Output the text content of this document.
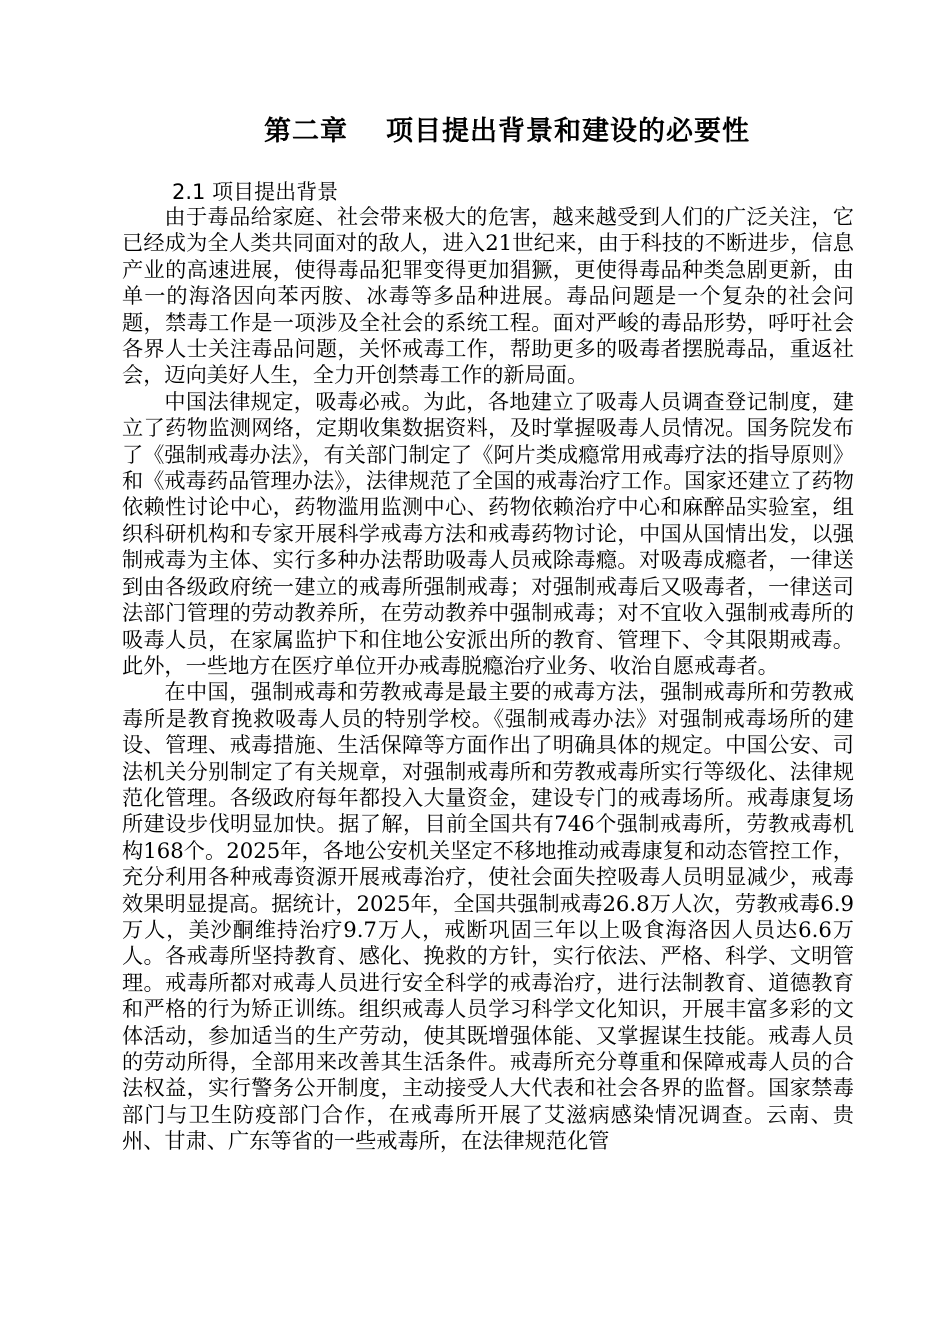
第二章 项目提出背景和建设的必要性
2.1 项目提出背景

由于毒品给家庭、社会带来极大的危害，越来越受到人们的广泛关注，它已经成为全人类共同面对的敌人，进入21世纪来，由于科技的不断进步，信息产业的高速进展，使得毒品犯罪变得更加猖獗，更使得毒品种类急剧更新，由单一的海洛因向苯丙胺、冰毒等多品种进展。毒品问题是一个复杂的社会问题，禁毒工作是一项涉及全社会的系统工程。面对严峻的毒品形势，呼吁社会各界人士关注毒品问题，关怀戒毒工作，帮助更多的吸毒者摆脱毒品，重返社会，迈向美好人生，全力开创禁毒工作的新局面。

中国法律规定，吸毒必戒。为此，各地建立了吸毒人员调查登记制度，建立了药物监测网络，定期收集数据资料，及时掌握吸毒人员情况。国务院发布了《强制戒毒办法》，有关部门制定了《阿片类成瘾常用戒毒疗法的指导原则》和《戒毒药品管理办法》，法律规范了全国的戒毒治疗工作。国家还建立了药物依赖性讨论中心，药物滥用监测中心、药物依赖治疗中心和麻醉品实验室，组织科研机构和专家开展科学戒毒方法和戒毒药物讨论，中国从国情出发，以强制戒毒为主体、实行多种办法帮助吸毒人员戒除毒瘾。对吸毒成瘾者，一律送到由各级政府统一建立的戒毒所强制戒毒；对强制戒毒后又吸毒者，一律送司法部门管理的劳动教养所，在劳动教养中强制戒毒；对不宜收入强制戒毒所的吸毒人员，在家属监护下和住地公安派出所的教育、管理下、令其限期戒毒。此外，一些地方在医疗单位开办戒毒脱瘾治疗业务、收治自愿戒毒者。

在中国，强制戒毒和劳教戒毒是最主要的戒毒方法，强制戒毒所和劳教戒毒所是教育挽救吸毒人员的特别学校。《强制戒毒办法》对强制戒毒场所的建设、管理、戒毒措施、生活保障等方面作出了明确具体的规定。中国公安、司法机关分别制定了有关规章，对强制戒毒所和劳教戒毒所实行等级化、法律规范化管理。各级政府每年都投入大量资金，建设专门的戒毒场所。戒毒康复场所建设步伐明显加快。据了解，目前全国共有746个强制戒毒所，劳教戒毒机构168个。2025年，各地公安机关坚定不移地推动戒毒康复和动态管控工作，充分利用各种戒毒资源开展戒毒治疗，使社会面失控吸毒人员明显减少，戒毒效果明显提高。据统计，2025年，全国共强制戒毒26.8万人次，劳教戒毒6.9万人，美沙酮维持治疗9.7万人，戒断巩固三年以上吸食海洛因人员达6.6万人。各戒毒所坚持教育、感化、挽救的方针，实行依法、严格、科学、文明管理。戒毒所都对戒毒人员进行安全科学的戒毒治疗，进行法制教育、道德教育和严格的行为矫正训练。组织戒毒人员学习科学文化知识，开展丰富多彩的文体活动，参加适当的生产劳动，使其既增强体能、又掌握谋生技能。戒毒人员的劳动所得，全部用来改善其生活条件。戒毒所充分尊重和保障戒毒人员的合法权益，实行警务公开制度，主动接受人大代表和社会各界的监督。国家禁毒部门与卫生防疫部门合作，在戒毒所开展了艾滋病感染情况调查。云南、贵州、甘肃、广东等省的一些戒毒所，在法律规范化管
